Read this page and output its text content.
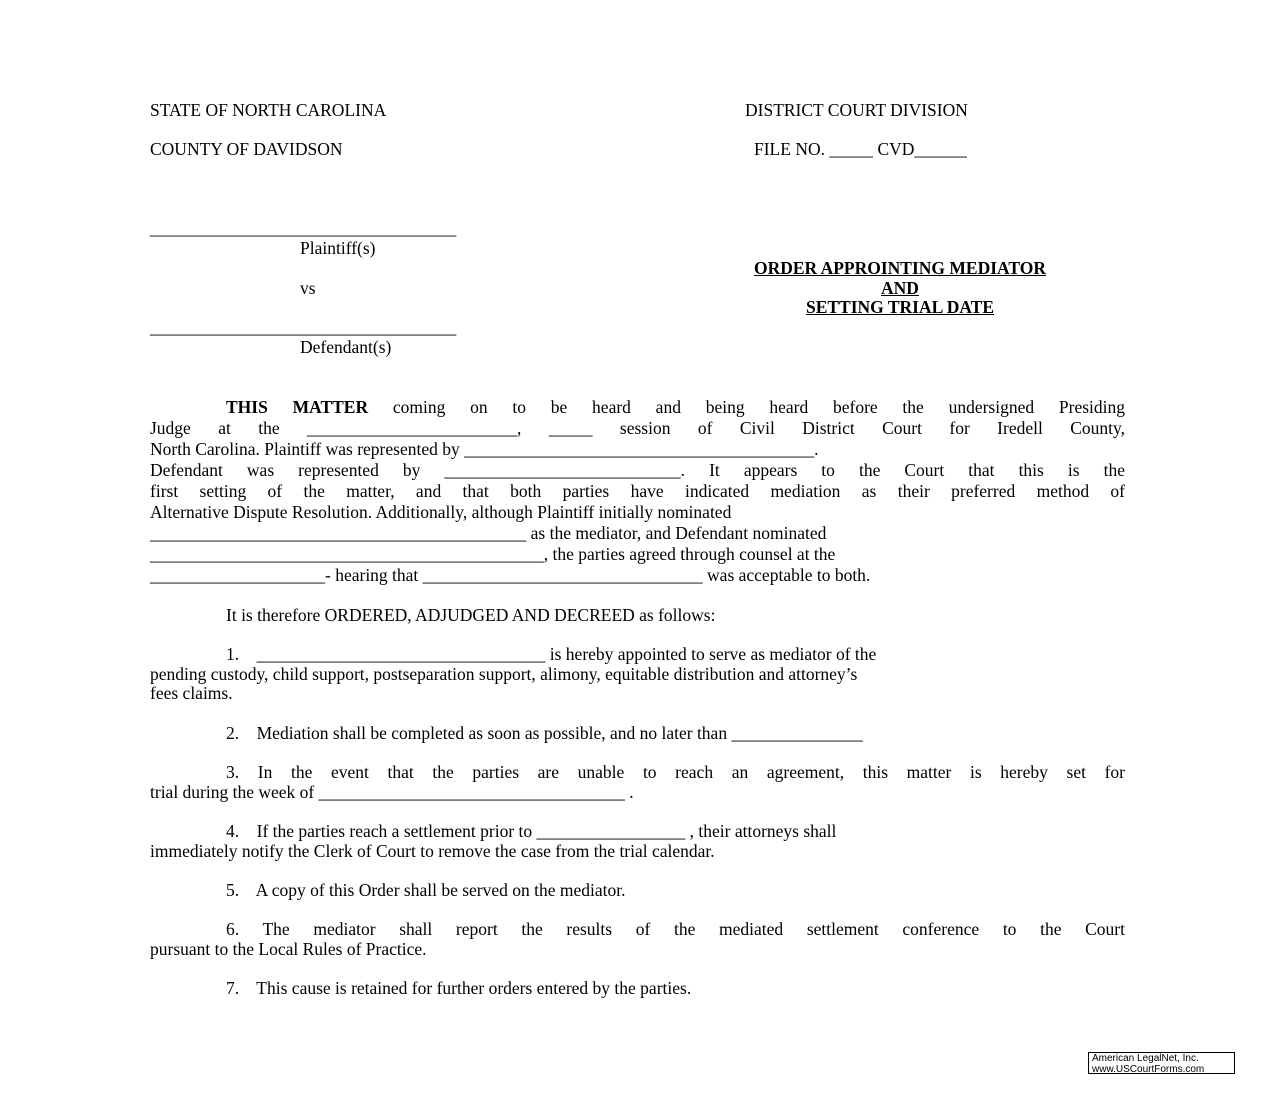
STATE OF NORTH CAROLINA
COUNTY OF DAVIDSON
DISTRICT COURT DIVISION
FILE NO. _____ CVD______
___________________________________
Plaintiff(s)
vs
___________________________________
Defendant(s)
ORDER APPROINTING MEDIATOR
AND
SETTING TRIAL DATE
THIS MATTER coming on to be heard and being heard before the undersigned Presiding
Judge at the ________________________, _____ session of Civil District Court for Iredell County,
North Carolina. Plaintiff was represented by ________________________________________.
Defendant was represented by ___________________________. It appears to the Court that this is the
first setting of the matter, and that both parties have indicated mediation as their preferred method of
Alternative Dispute Resolution. Additionally, although Plaintiff initially nominated
___________________________________________ as the mediator, and Defendant nominated
_____________________________________________, the parties agreed through counsel at the
____________________- hearing that ________________________________ was acceptable to both.
It is therefore ORDERED, ADJUDGED AND DECREED as follows:
1.    _________________________________ is hereby appointed to serve as mediator of the
pending custody, child support, postseparation support, alimony, equitable distribution and attorney’s
fees claims.
2.    Mediation shall be completed as soon as possible, and no later than _______________
3. In the event that the parties are unable to reach an agreement, this matter is hereby set for
trial during the week of ___________________________________ .
4.    If the parties reach a settlement prior to _________________ , their attorneys shall
immediately notify the Clerk of Court to remove the case from the trial calendar.
5.    A copy of this Order shall be served on the mediator.
6. The mediator shall report the results of the mediated settlement conference to the Court
pursuant to the Local Rules of Practice.
7.    This cause is retained for further orders entered by the parties.
American LegalNet, Inc.
www.USCourtForms.com
